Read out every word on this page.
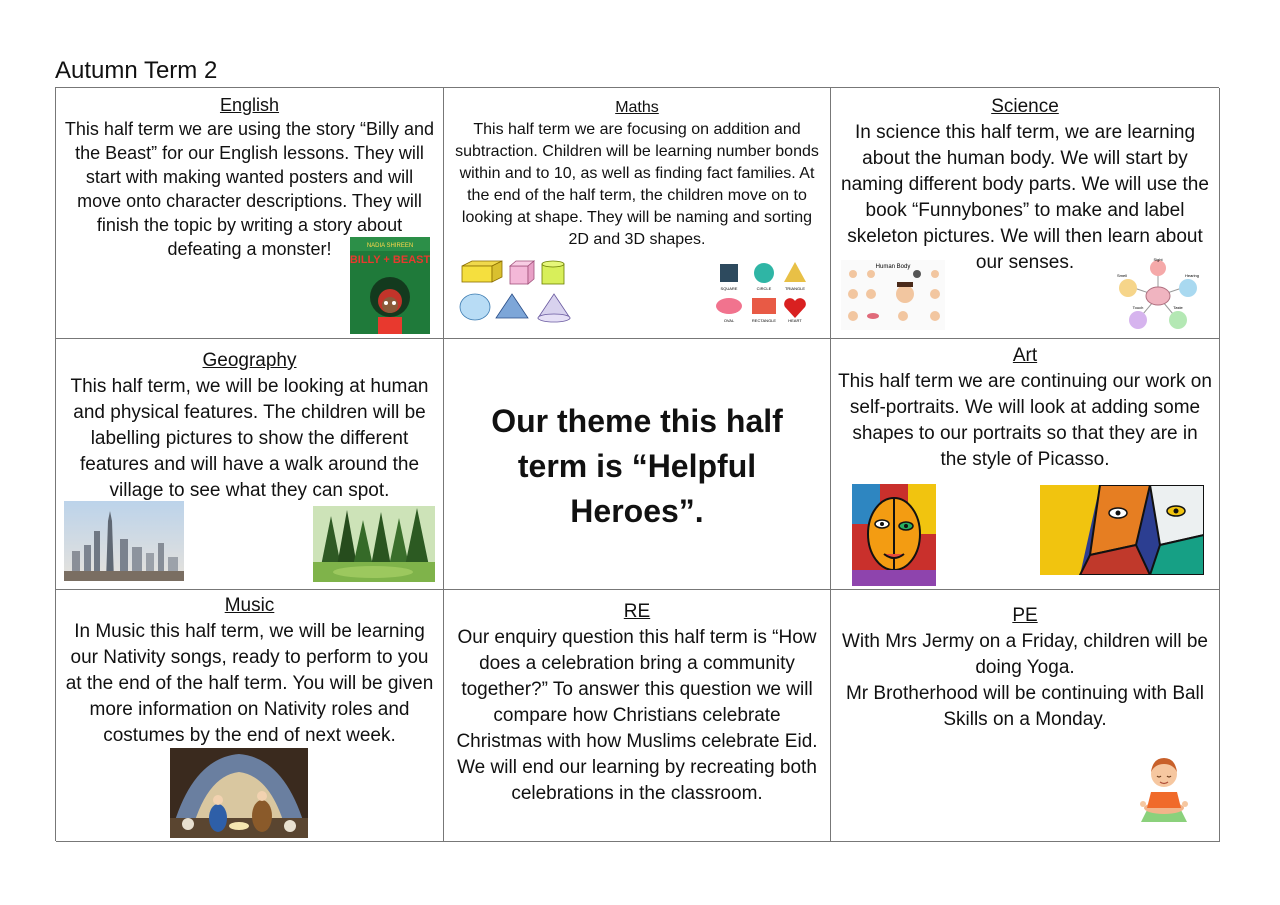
Autumn Term 2
English
This half term we are using the story “Billy and the Beast” for our English lessons. They will start with making wanted posters and will move onto character descriptions. They will finish the topic by writing a story about defeating a monster!	NADIA SHIREEN
BILLY + BEAST
Maths
This half term we are focusing on addition and subtraction. Children will be learning number bonds within and to 10, as well as finding fact families. At the end of the half term, the children move on to looking at shape. They will be naming and sorting 2D and 3D shapes.
SQUARE	CIRCLE	TRIANGLE
OVAL	RECTANGLE	HEART
Science
In science this half term, we are learning about the human body. We will start by naming different body parts. We will use the book “Funnybones” to make and label skeleton pictures. We will then learn about our senses.
Human Body
Sight
Smell	Hearing
Taste
Touch
Geography
This half term, we will be looking at human and physical features. The children will be labelling pictures to show the different features and will have a walk around the village to see what they can spot.
Our theme this half term is “Helpful Heroes”.
Art
This half term we are continuing our work on self-portraits. We will look at adding some shapes to our portraits so that they are in the style of Picasso.
Music
In Music this half term, we will be learning our Nativity songs, ready to perform to you at the end of the half term. You will be given more information on Nativity roles and costumes by the end of next week.
RE
Our enquiry question this half term is “How does a celebration bring a community together?” To answer this question we will compare how Christians celebrate Christmas with how Muslims celebrate Eid. We will end our learning by recreating both celebrations in the classroom.
PE
With Mrs Jermy on a Friday, children will be doing Yoga.
Mr Brotherhood will be continuing with Ball Skills on a Monday.
